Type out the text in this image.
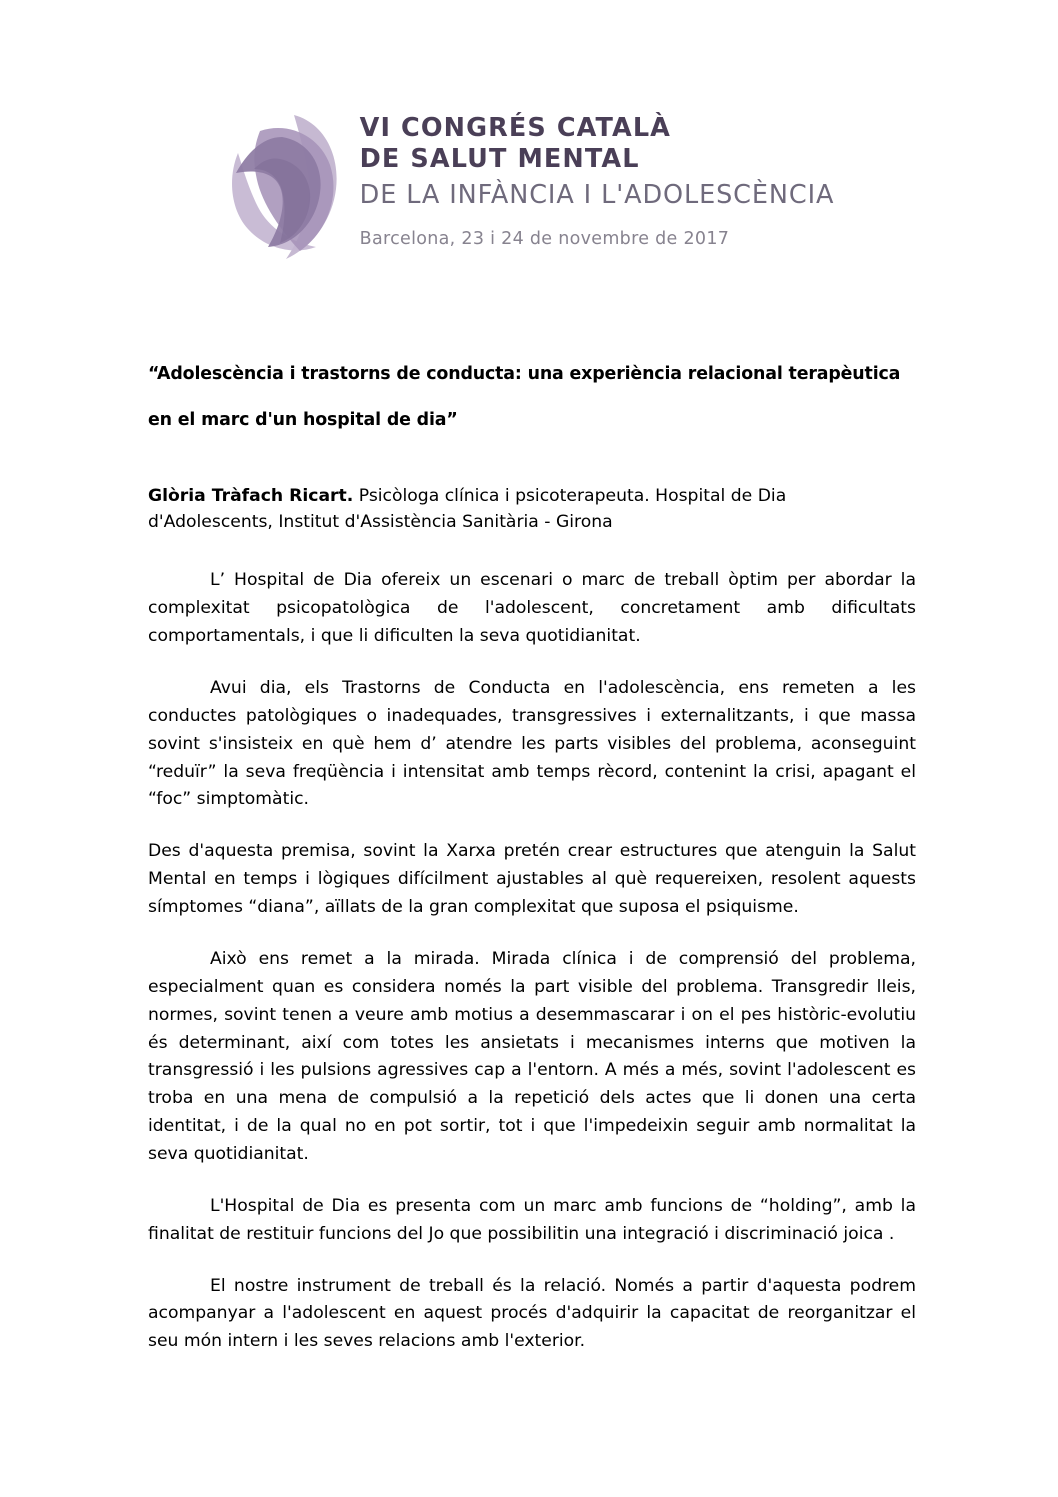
VI CONGRÉS CATALÀ
DE SALUT MENTAL
DE LA INFÀNCIA I L'ADOLESCÈNCIA
Barcelona, 23 i 24 de novembre de 2017
“Adolescència i trastorns de conducta: una experiència relacional terapèutica
en el marc d'un hospital de dia”
Glòria Tràfach Ricart. Psicòloga clínica i psicoterapeuta. Hospital de Dia d'Adolescents, Institut d'Assistència Sanitària - Girona

L’ Hospital de Dia ofereix un escenari o marc de treball òptim per abordar la complexitat psicopatològica de l'adolescent, concretament amb dificultats comportamentals, i que li dificulten la seva quotidianitat.

Avui dia, els Trastorns de Conducta en l'adolescència, ens remeten a les conductes patològiques o inadequades, transgressives i externalitzants, i que massa sovint s'insisteix en què hem d’ atendre les parts visibles del problema, aconseguint “reduïr” la seva freqüència i intensitat amb temps rècord, contenint la crisi, apagant el “foc” simptomàtic.

Des d'aquesta premisa, sovint la Xarxa pretén crear estructures que atenguin la Salut Mental en temps i lògiques difícilment ajustables al què requereixen, resolent aquests símptomes “diana”, aïllats de la gran complexitat que suposa el psiquisme.

Això ens remet a la mirada. Mirada clínica i de comprensió del problema, especialment quan es considera només la part visible del problema. Transgredir lleis, normes, sovint tenen a veure amb motius a desemmascarar i on el pes històric-evolutiu és determinant, així com totes les ansietats i mecanismes interns que motiven la transgressió i les pulsions agressives cap a l'entorn. A més a més, sovint l'adolescent es troba en una mena de compulsió a la repetició dels actes que li donen una certa identitat, i de la qual no en pot sortir, tot i que l'impedeixin seguir amb normalitat la seva quotidianitat.

L'Hospital de Dia es presenta com un marc amb funcions de “holding”, amb la finalitat de restituir funcions del Jo que possibilitin una integració i discriminació joica .

El nostre instrument de treball és la relació. Només a partir d'aquesta podrem acompanyar a l'adolescent en aquest procés d'adquirir la capacitat de reorganitzar el seu món intern i les seves relacions amb l'exterior.
